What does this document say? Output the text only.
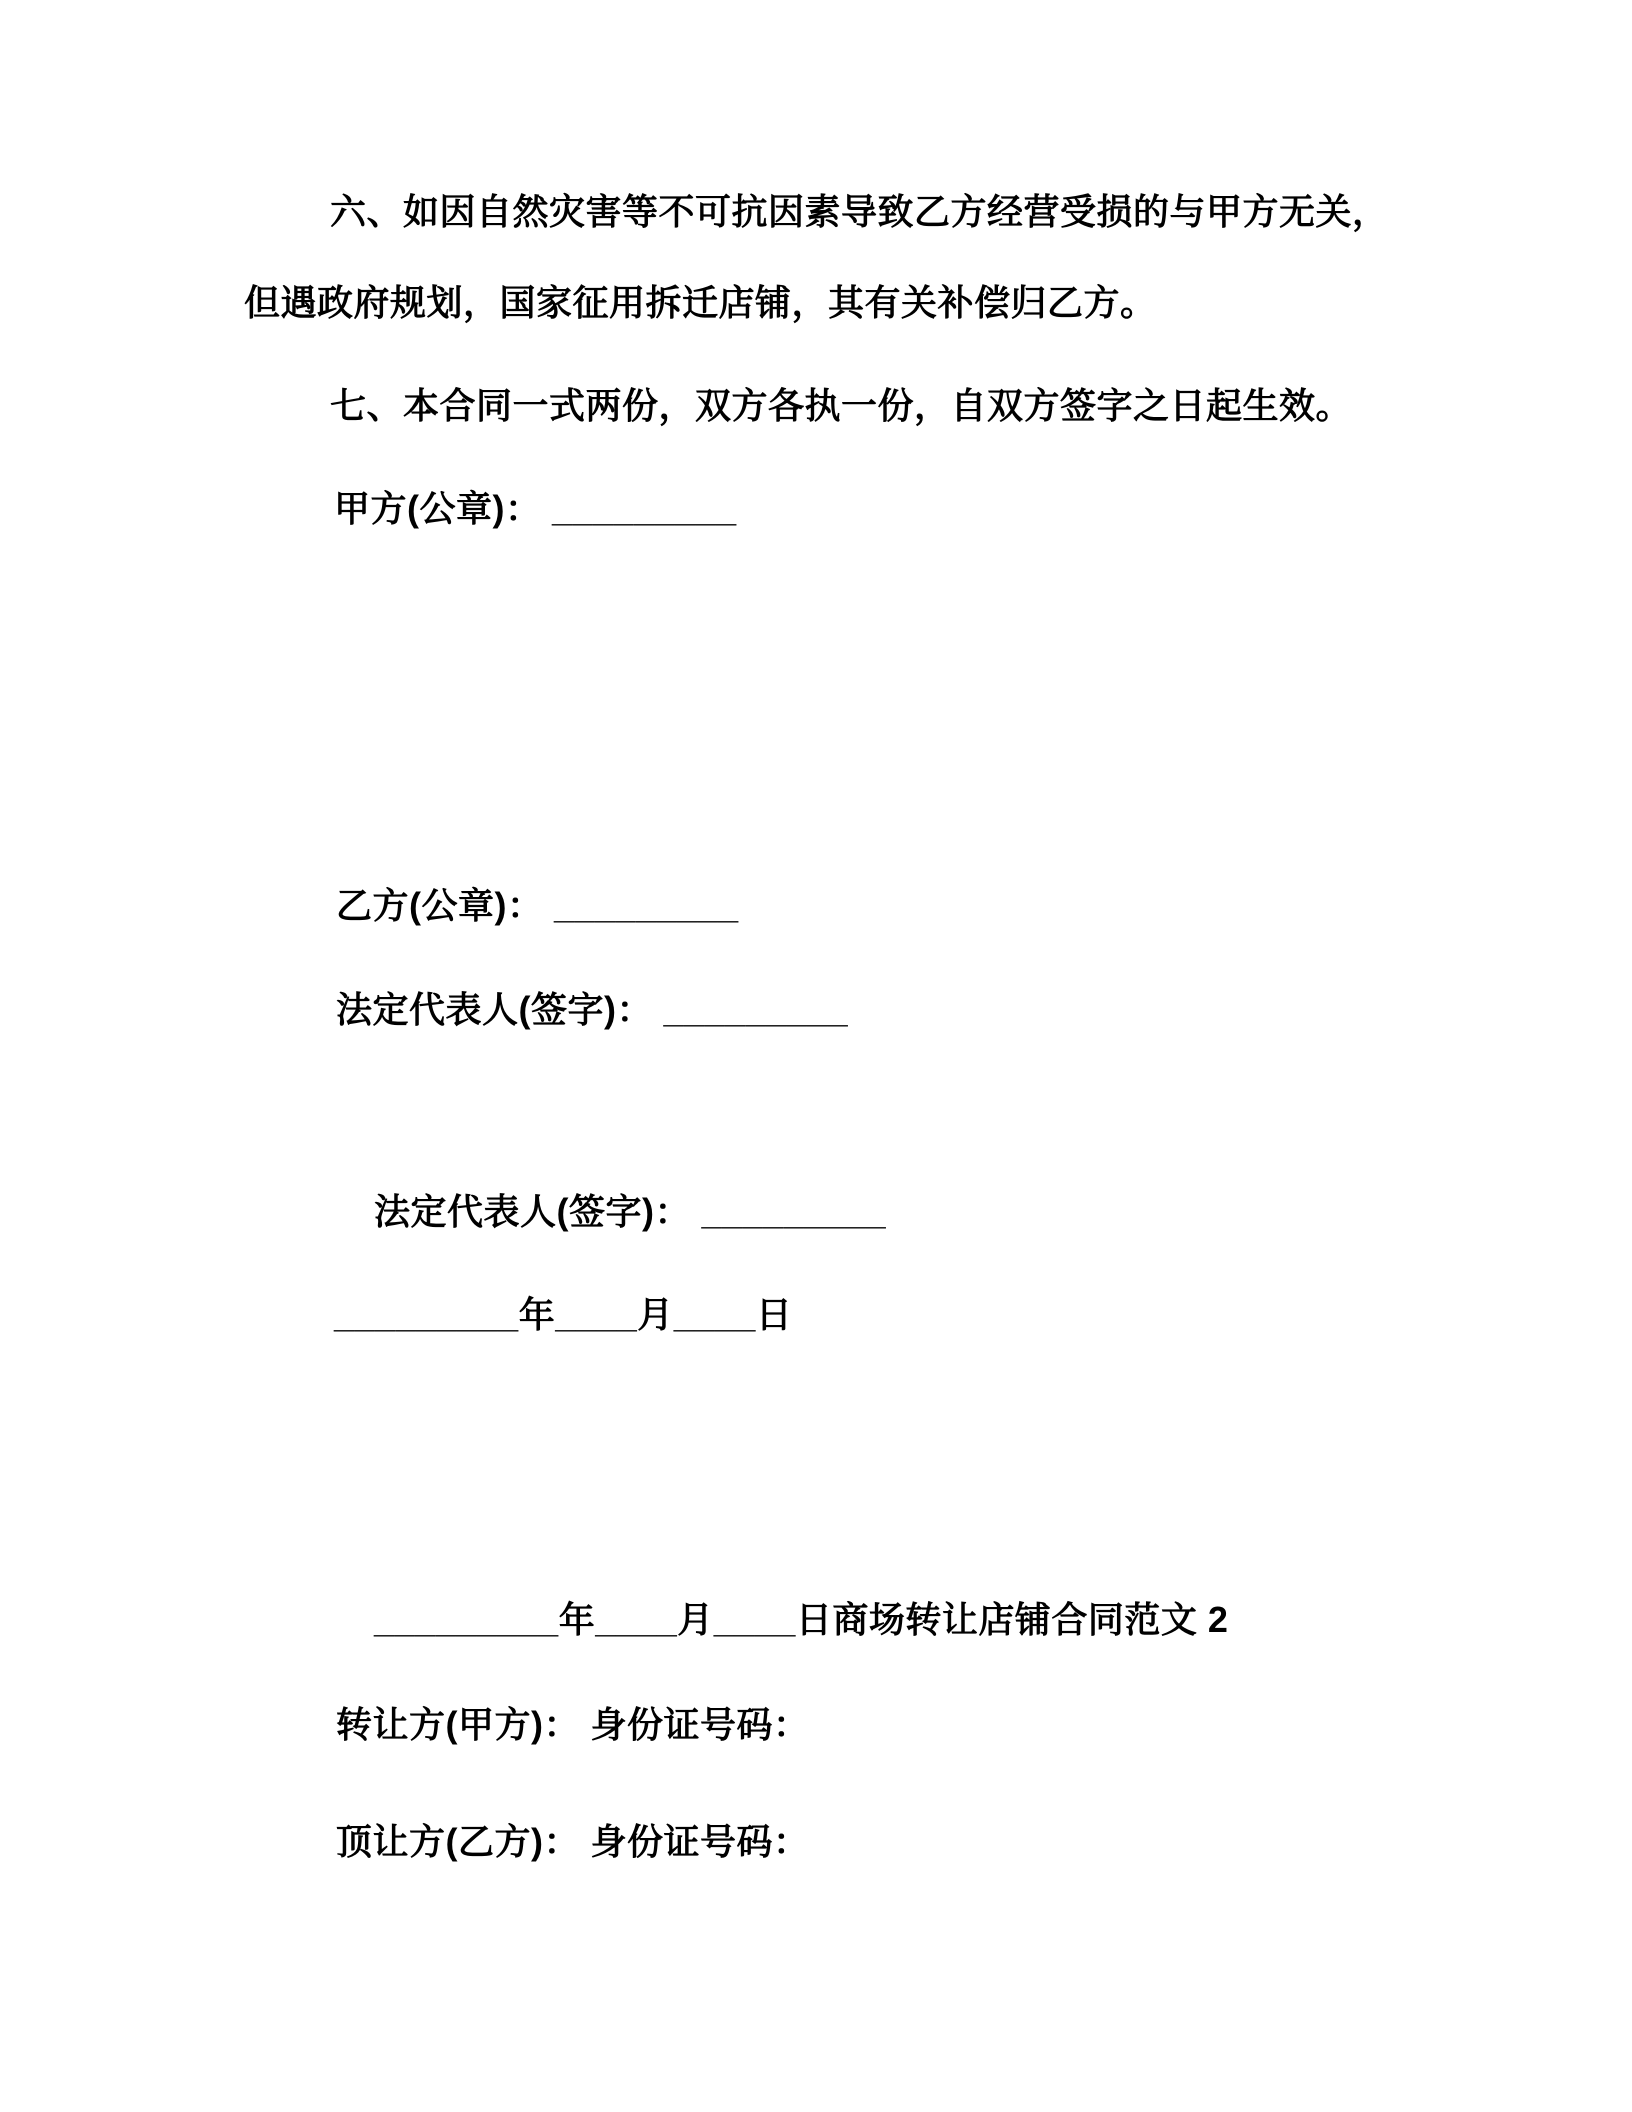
六、如因自然灾害等不可抗因素导致乙方经营受损的与甲方无关，

但遇政府规划，国家征用拆迁店铺，其有关补偿归乙方。

七、本合同一式两份，双方各执一份，自双方签字之日起生效。

甲方(公章)： _________

乙方(公章)： _________

法定代表人(签字)： _________

法定代表人(签字)： _________

_________年____月____日

_________年____月____日商场转让店铺合同范文 2

转让方(甲方)： 身份证号码：

顶让方(乙方)： 身份证号码：
